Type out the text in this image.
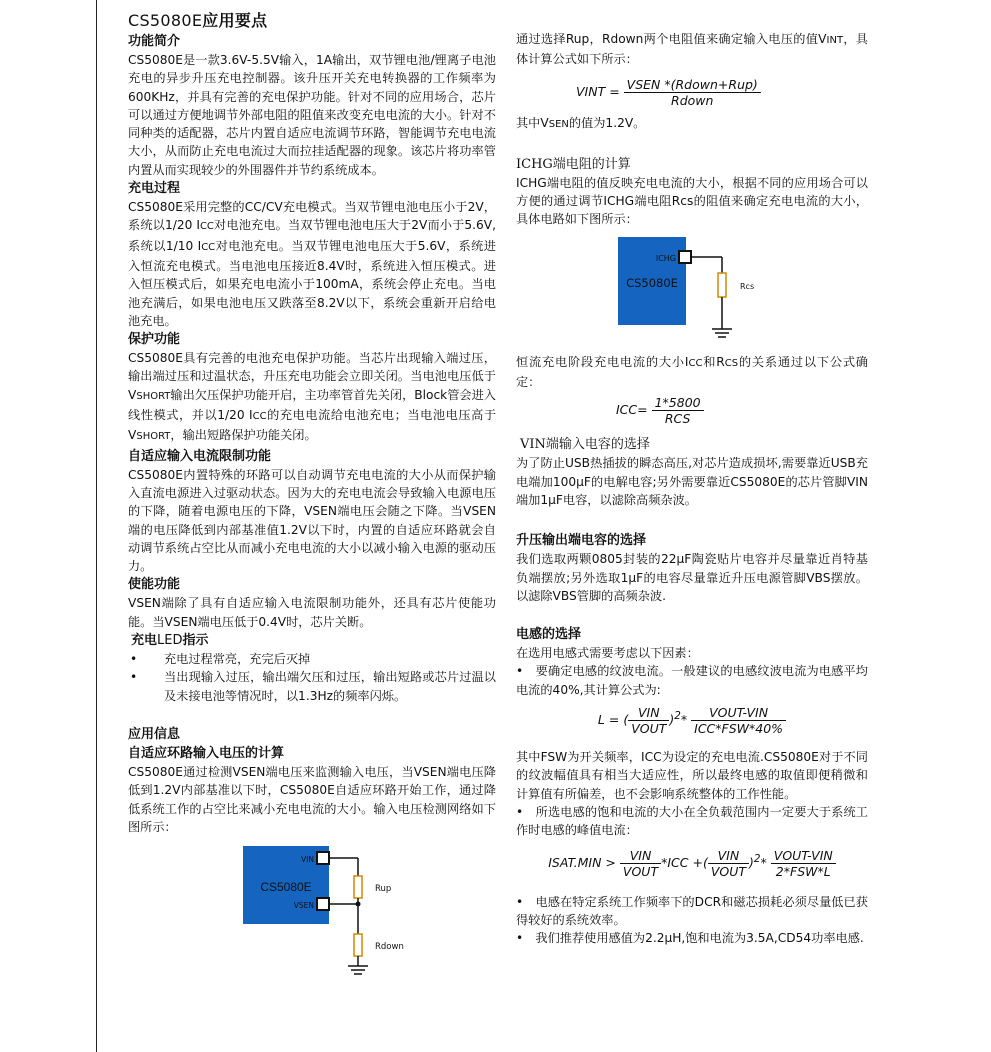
CS5080E应用要点
功能简介

CS5080E是一款3.6V-5.5V输入，1A输出，双节锂电池/锂离子电池充电的异步升压充电控制器。该升压开关充电转换器的工作频率为600KHz，并具有完善的充电保护功能。针对不同的应用场合，芯片可以通过方便地调节外部电阻的阻值来改变充电电流的大小。针对不同种类的适配器，芯片内置自适应电流调节环路，智能调节充电电流大小，从而防止充电电流过大而拉挂适配器的现象。该芯片将功率管内置从而实现较少的外围器件并节约系统成本。

充电过程

CS5080E采用完整的CC/CV充电模式。当双节锂电池电压小于2V，系统以1/20 ICC对电池充电。当双节锂电池电压大于2V而小于5.6V,系统以1/10 ICC对电池充电。当双节锂电池电压大于5.6V，系统进入恒流充电模式。当电池电压接近8.4V时，系统进入恒压模式。进入恒压模式后，如果充电电流小于100mA，系统会停止充电。当电池充满后，如果电池电压又跌落至8.2V以下，系统会重新开启给电池充电。

保护功能

CS5080E具有完善的电池充电保护功能。当芯片出现输入端过压，输出端过压和过温状态，升压充电功能会立即关闭。当电池电压低于VSHORT输出欠压保护功能开启，主功率管首先关闭，Block管会进入线性模式，并以1/20 ICC的充电电流给电池充电；当电池电压高于VSHORT，输出短路保护功能关闭。

自适应输入电流限制功能

CS5080E内置特殊的环路可以自动调节充电电流的大小从而保护输入直流电源进入过驱动状态。因为大的充电电流会导致输入电源电压的下降，随着电源电压的下降，VSEN端电压会随之下降。当VSEN端的电压降低到内部基准值1.2V以下时，内置的自适应环路就会自动调节系统占空比从而减小充电电流的大小以减小输入电源的驱动压力。

使能功能

VSEN端除了具有自适应输入电流限制功能外，还具有芯片使能功能。当VSEN端电压低于0.4V时，芯片关断。

充电LED指示
• 充电过程常亮，充完后灭掉
• 当出现输入过压，输出端欠压和过压，输出短路或芯片过温以及未接电池等情况时，以1.3Hz的频率闪烁。
应用信息
自适应环路输入电压的计算

CS5080E通过检测VSEN端电压来监测输入电压，当VSEN端电压降低到1.2V内部基准以下时，CS5080E自适应环路开始工作，通过降低系统工作的占空比来减小充电电流的大小。输入电压检测网络如下图所示：

CS5080E
VIN
VSEN
Rup
Rdown

通过选择Rup，Rdown两个电阻值来确定输入电压的值VINT，具体计算公式如下所示：

VINT = $\frac{\text{VSEN *(Rdown+Rup)}}{\text{Rdown}}$

其中VSEN的值为1.2V。

ICHG端电阻的计算

ICHG端电阻的值反映充电电流的大小，根据不同的应用场合可以方便的通过调节ICHG端电阻Rcs的阻值来确定充电电流的大小，具体电路如下图所示：

CS5080E
ICHG
Rcs

恒流充电阶段充电电流的大小ICC和RCS的关系通过以下公式确定：

$ICC= \frac{1*5800}{\text{RCS}}$
VIN端输入电容的选择

为了防止USB热插拔的瞬态高压,对芯片造成损坏,需要靠近USB充电端加100μF的电解电容;另外需要靠近CS5080E的芯片管脚VIN端加1μF电容，以滤除高频杂波。

升压输出端电容的选择

我们选取两颗0805封装的22μF陶瓷贴片电容并尽量靠近肖特基负端摆放;另外选取1μF的电容尽量靠近升压电源管脚VBS摆放。以滤除VBS管脚的高频杂波.

电感的选择

在选用电感式需要考虑以下因素：

•　要确定电感的纹波电流。一般建议的电感纹波电流为电感平均电流的40%,其计算公式为:

L = ( $\frac{\text{VIN}}{\text{VOUT}} )^2* \frac{\text{VOUT-VIN}}{\text{ICC*FSW*40\%}}$

其中FSW为开关频率，ICC为设定的充电电流.CS5080E对于不同的纹波幅值具有相当大适应性，所以最终电感的取值即便稍微和计算值有所偏差，也不会影响系统整体的工作性能。

•　所选电感的饱和电流的大小在全负载范围内一定要大于系统工作时电感的峰值电流：

ISAT.MIN > $\frac{\text{VIN}}{\text{VOUT}} *ICC$ +( $\frac{\text{VIN}}{\text{VOUT}} )^2* \frac{\text{VOUT-VIN}}{\text{2*FSW*L}}$

•　电感在特定系统工作频率下的DCR和磁芯损耗必须尽量低已获得较好的系统效率。

•　我们推荐使用感值为2.2μH,饱和电流为3.5A,CD54功率电感.
